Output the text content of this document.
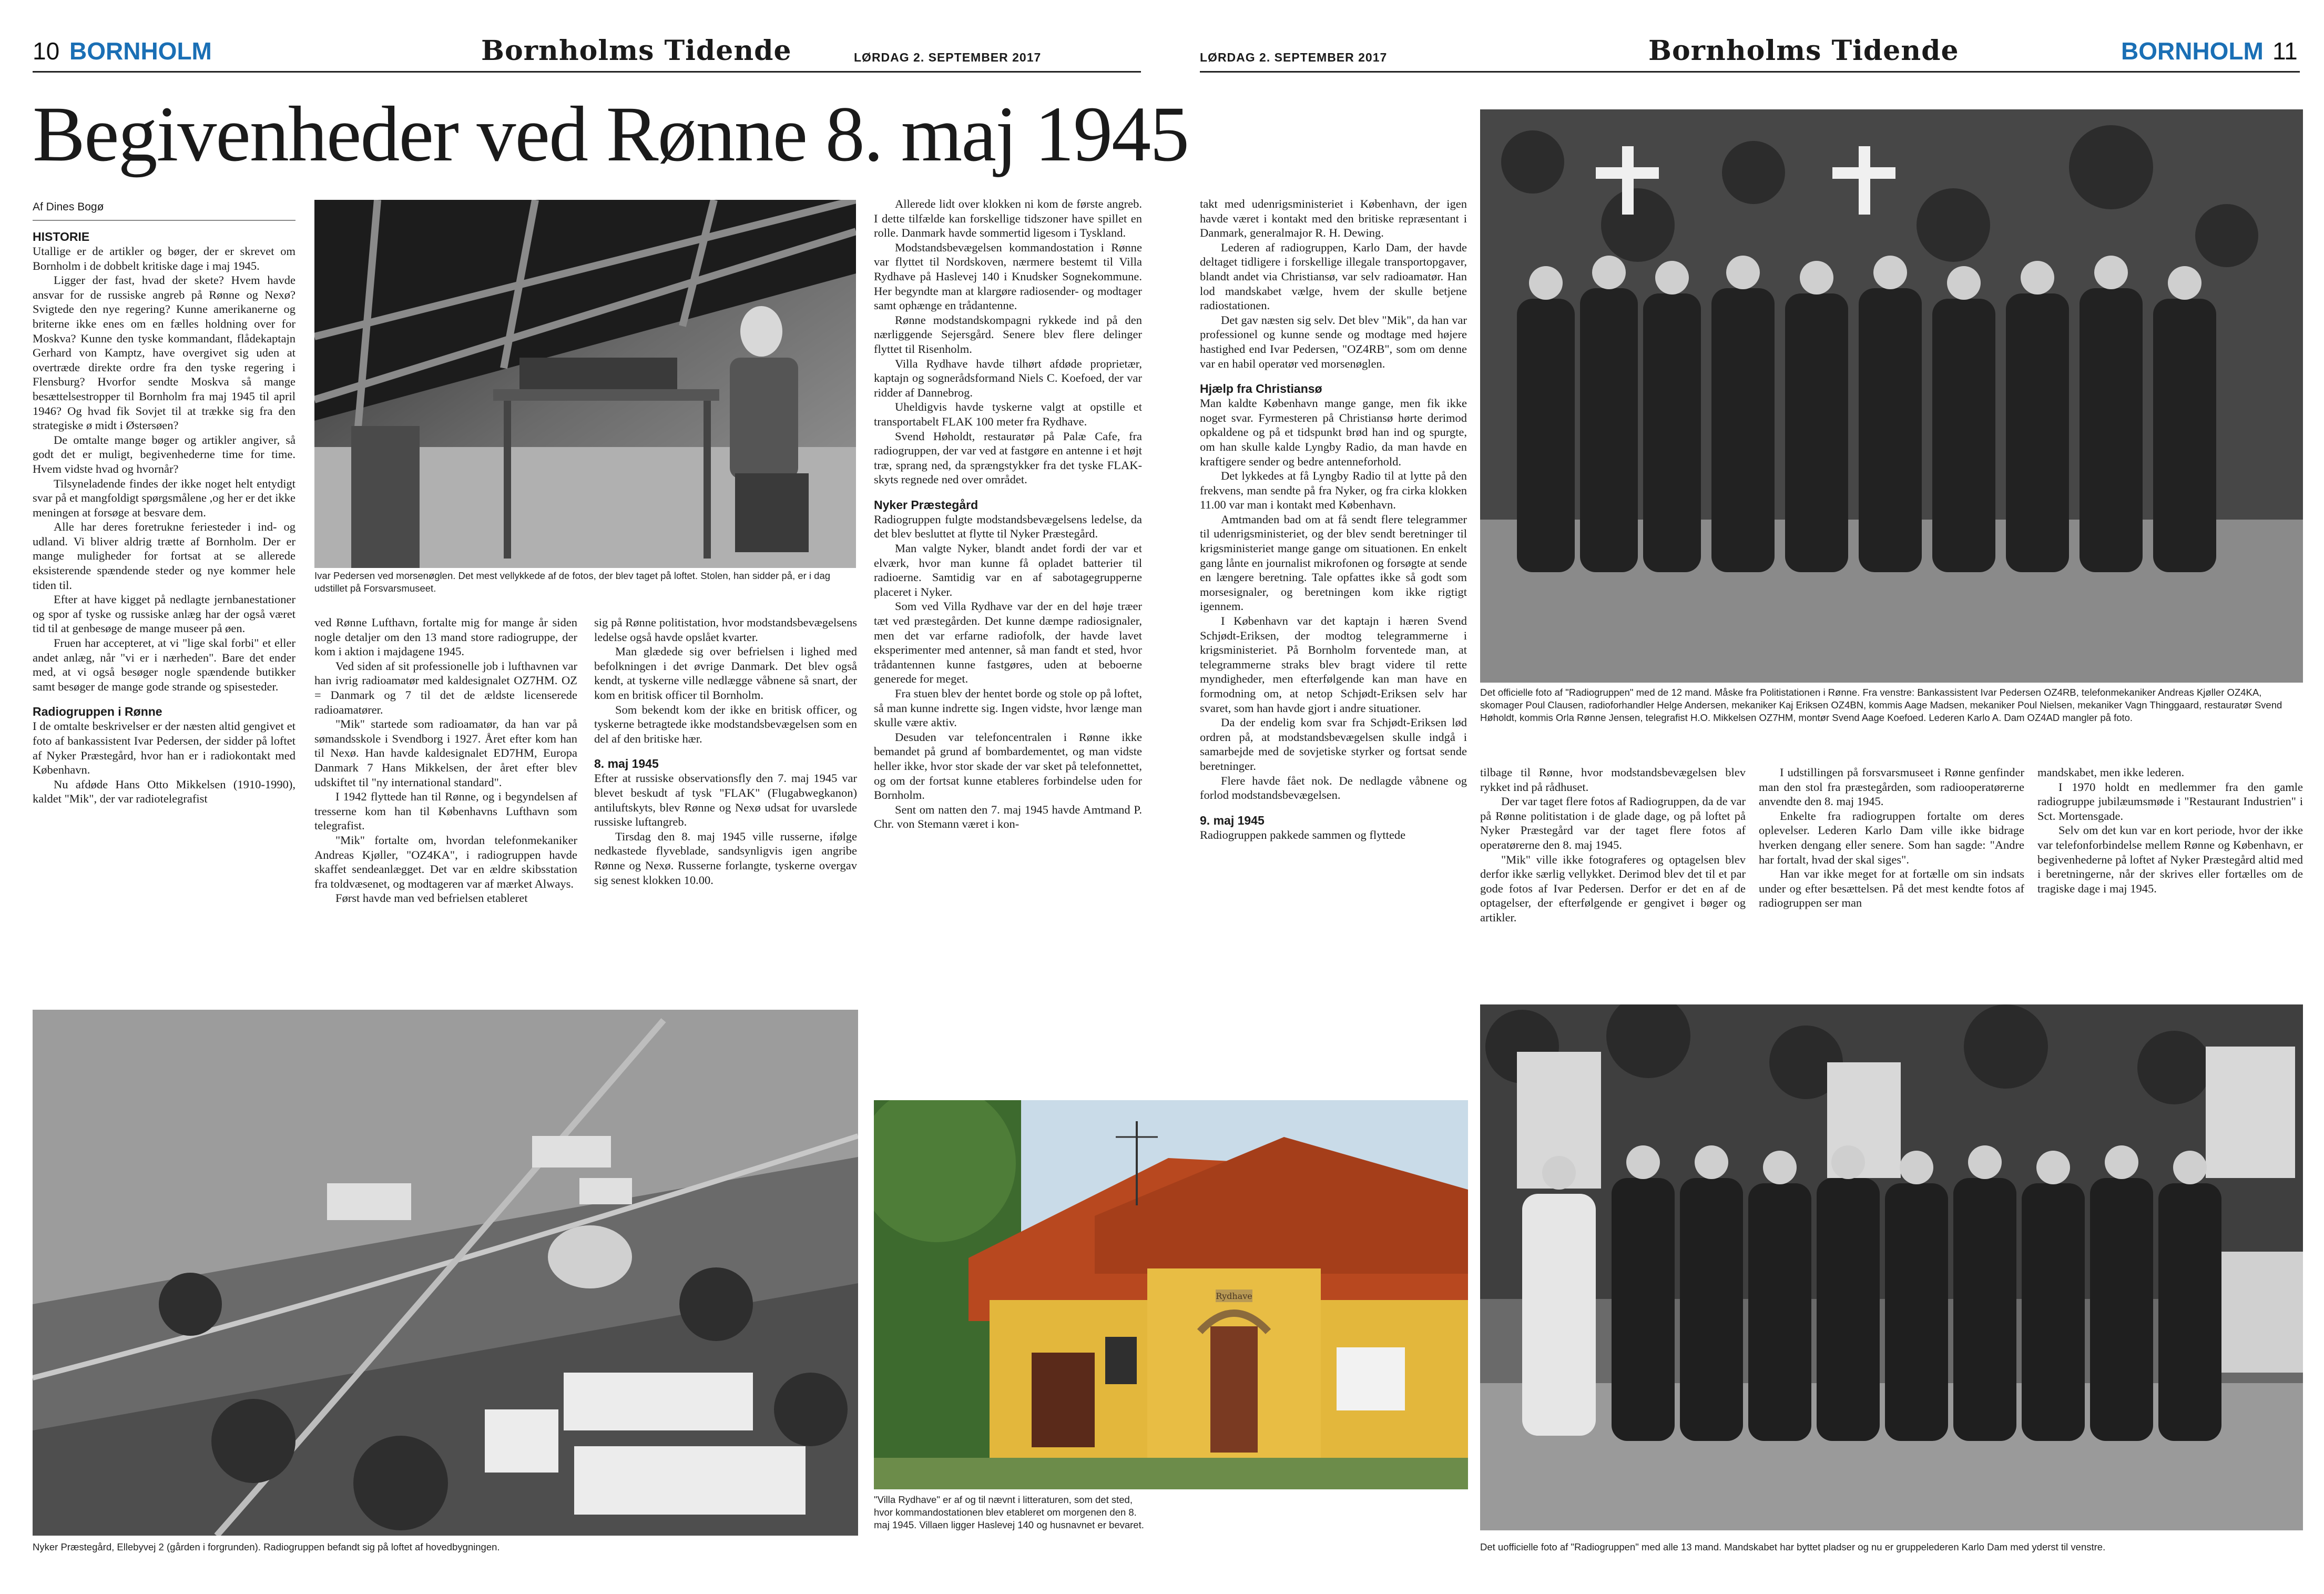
10 BORNHOLM	Bornholms Tidende	LØRDAG 2. SEPTEMBER 2017	LØRDAG 2. SEPTEMBER 2017	Bornholms Tidende	BORNHOLM 11
Begivenheder ved Rønne 8. maj 1945
Af Dines Bogø
HISTORIE

Utallige er de artikler og bøger, der er skrevet om Bornholm i de dobbelt kritiske dage i maj 1945.

Ligger der fast, hvad der skete? Hvem havde ansvar for de russiske angreb på Rønne og Nexø? Svigtede den nye regering? Kunne amerikanerne og briterne ikke enes om en fælles holdning over for Moskva? Kunne den tyske kommandant, flådekaptajn Gerhard von Kamptz, have overgivet sig uden at overtræde direkte ordre fra den tyske regering i Flensburg? Hvorfor sendte Moskva så mange besættelsestropper til Bornholm fra maj 1945 til april 1946? Og hvad fik Sovjet til at trække sig fra den strategiske ø midt i Østersøen?

De omtalte mange bøger og artikler angiver, så godt det er muligt, begivenhederne time for time. Hvem vidste hvad og hvornår?

Tilsyneladende findes der ikke noget helt entydigt svar på et mangfoldigt spørgsmålene ,og her er det ikke meningen at forsøge at besvare dem.

Alle har deres foretrukne feriesteder i ind- og udland. Vi bliver aldrig trætte af Bornholm. Der er mange muligheder for fortsat at se allerede eksisterende spændende steder og nye kommer hele tiden til.

Efter at have kigget på nedlagte jernbanestationer og spor af tyske og russiske anlæg har der også været tid til at genbesøge de mange museer på øen.

Fruen har accepteret, at vi "lige skal forbi" et eller andet anlæg, når "vi er i nærheden". Bare det ender med, at vi også besøger nogle spændende butikker samt besøger de mange gode strande og spisesteder.

Radiogruppen i Rønne

I de omtalte beskrivelser er der næsten altid gengivet et foto af bankassistent Ivar Pedersen, der sidder på loftet af Nyker Præstegård, hvor han er i radiokontakt med København.

Nu afdøde Hans Otto Mikkelsen (1910-1990), kaldet "Mik", der var radiotelegrafist

Ivar Pedersen ved morsenøglen. Det mest vellykkede af de fotos, der blev taget på loftet. Stolen, han sidder på, er i dag udstillet på Forsvarsmuseet.

ved Rønne Lufthavn, fortalte mig for mange år siden nogle detaljer om den 13 mand store radiogruppe, der kom i aktion i majdagene 1945.

Ved siden af sit professionelle job i lufthavnen var han ivrig radioamatør med kaldesignalet OZ7HM. OZ = Danmark og 7 til det de ældste licenserede radioamatører.

"Mik" startede som radioamatør, da han var på sømandsskole i Svendborg i 1927. Året efter kom han til Nexø. Han havde kaldesignalet ED7HM, Europa Danmark 7 Hans Mikkelsen, der året efter blev udskiftet til "ny international standard".

I 1942 flyttede han til Rønne, og i begyndelsen af tresserne kom han til Københavns Lufthavn som telegrafist.

"Mik" fortalte om, hvordan telefonmekaniker Andreas Kjøller, "OZ4KA", i radiogruppen havde skaffet sendeanlægget. Det var en ældre skibsstation fra toldvæsenet, og modtageren var af mærket Always.

Først havde man ved befrielsen etableret

sig på Rønne politistation, hvor modstandsbevægelsens ledelse også havde opslået kvarter.

Man glædede sig over befrielsen i lighed med befolkningen i det øvrige Danmark. Det blev også kendt, at tyskerne ville nedlægge våbnene så snart, der kom en britisk officer til Bornholm.

Som bekendt kom der ikke en britisk officer, og tyskerne betragtede ikke modstandsbevægelsen som en del af den britiske hær.

8. maj 1945

Efter at russiske observationsfly den 7. maj 1945 var blevet beskudt af tysk "FLAK" (Flugabwegkanon) antiluftskyts, blev Rønne og Nexø udsat for uvarslede russiske luftangreb.

Tirsdag den 8. maj 1945 ville russerne, ifølge nedkastede flyveblade, sandsynligvis igen angribe Rønne og Nexø. Russerne forlangte, tyskerne overgav sig senest klokken 10.00.

Allerede lidt over klokken ni kom de første angreb. I dette tilfælde kan forskellige tidszoner have spillet en rolle. Danmark havde sommertid ligesom i Tyskland.

Modstandsbevægelsen kommandostation i Rønne var flyttet til Nordskoven, nærmere bestemt til Villa Rydhave på Haslevej 140 i Knudsker Sognekommune. Her begyndte man at klargøre radiosender- og modtager samt ophænge en trådantenne.

Rønne modstandskompagni rykkede ind på den nærliggende Sejersgård. Senere blev flere delinger flyttet til Risenholm.

Villa Rydhave havde tilhørt afdøde proprietær, kaptajn og sognerådsformand Niels C. Koefoed, der var ridder af Dannebrog.

Uheldigvis havde tyskerne valgt at opstille et transportabelt FLAK 100 meter fra Rydhave.

Svend Høholdt, restauratør på Palæ Cafe, fra radiogruppen, der var ved at fastgøre en antenne i et højt træ, sprang ned, da sprængstykker fra det tyske FLAK-skyts regnede ned over området.

Nyker Præstegård

Radiogruppen fulgte modstandsbevægelsens ledelse, da det blev besluttet at flytte til Nyker Præstegård.

Man valgte Nyker, blandt andet fordi der var et elværk, hvor man kunne få opladet batterier til radioerne. Samtidig var en af sabotagegrupperne placeret i Nyker.

Som ved Villa Rydhave var der en del høje træer tæt ved præstegården. Det kunne dæmpe radiosignaler, men det var erfarne radiofolk, der havde lavet eksperimenter med antenner, så man fandt et sted, hvor trådantennen kunne fastgøres, uden at beboerne generede for meget.

Fra stuen blev der hentet borde og stole op på loftet, så man kunne indrette sig. Ingen vidste, hvor længe man skulle være aktiv.

Desuden var telefoncentralen i Rønne ikke bemandet på grund af bombardementet, og man vidste heller ikke, hvor stor skade der var sket på telefonnettet, og om der fortsat kunne etableres forbindelse uden for Bornholm.

Sent om natten den 7. maj 1945 havde Amtmand P. Chr. von Stemann været i kon-

Nyker Præstegård, Ellebyvej 2 (gården i forgrunden). Radiogruppen befandt sig på loftet af hovedbygningen.
Rydhave
"Villa Rydhave" er af og til nævnt i litteraturen, som det sted, hvor kommandostationen blev etableret om morgenen den 8. maj 1945. Villaen ligger Haslevej 140 og husnavnet er bevaret.
Det officielle foto af "Radiogruppen" med de 12 mand. Måske fra Politistationen i Rønne. Fra venstre: Bankassistent Ivar Pedersen OZ4RB, telefonmekaniker Andreas Kjøller OZ4KA, skomager Poul Clausen, radioforhandler Helge Andersen, mekaniker Kaj Eriksen OZ4BN, kommis Aage Madsen, mekaniker Poul Nielsen, mekaniker Vagn Thinggaard, restauratør Svend Høholdt, kommis Orla Rønne Jensen, telegrafist H.O. Mikkelsen OZ7HM, montør Svend Aage Koefoed. Lederen Karlo A. Dam OZ4AD mangler på foto.

takt med udenrigsministeriet i København, der igen havde været i kontakt med den britiske repræsentant i Danmark, generalmajor R. H. Dewing.

Lederen af radiogruppen, Karlo Dam, der havde deltaget tidligere i forskellige illegale transportopgaver, blandt andet via Christiansø, var selv radioamatør. Han lod mandskabet vælge, hvem der skulle betjene radiostationen.

Det gav næsten sig selv. Det blev "Mik", da han var professionel og kunne sende og modtage med højere hastighed end Ivar Pedersen, "OZ4RB", som om denne var en habil operatør ved morsenøglen.

Hjælp fra Christiansø

Man kaldte København mange gange, men fik ikke noget svar. Fyrmesteren på Christiansø hørte derimod opkaldene og på et tidspunkt brød han ind og spurgte, om han skulle kalde Lyngby Radio, da man havde en kraftigere sender og bedre antenneforhold.

Det lykkedes at få Lyngby Radio til at lytte på den frekvens, man sendte på fra Nyker, og fra cirka klokken 11.00 var man i kontakt med København.

Amtmanden bad om at få sendt flere telegrammer til udenrigsministeriet, og der blev sendt beretninger til krigsministeriet mange gange om situationen. En enkelt gang lånte en journalist mikrofonen og forsøgte at sende en længere beretning. Tale opfattes ikke så godt som morsesignaler, og beretningen kom ikke rigtigt igennem.

I København var det kaptajn i hæren Svend Schjødt-Eriksen, der modtog telegrammerne i krigsministeriet. På Bornholm forventede man, at telegrammerne straks blev bragt videre til rette myndigheder, men efterfølgende kan man have en formodning om, at netop Schjødt-Eriksen selv har svaret, som han havde gjort i andre situationer.

Da der endelig kom svar fra Schjødt-Eriksen lød ordren på, at modstandsbevægelsen skulle indgå i samarbejde med de sovjetiske styrker og fortsat sende beretninger.

Flere havde fået nok. De nedlagde våbnene og forlod modstandsbevægelsen.

9. maj 1945

Radiogruppen pakkede sammen og flyttede

tilbage til Rønne, hvor modstandsbevægelsen blev rykket ind på rådhuset.

Der var taget flere fotos af Radiogruppen, da de var på Rønne politistation i de glade dage, og på loftet på Nyker Præstegård var der taget flere fotos af operatørerne den 8. maj 1945.

"Mik" ville ikke fotograferes og optagelsen blev derfor ikke særlig vellykket. Derimod blev det til et par gode fotos af Ivar Pedersen. Derfor er det en af de optagelser, der efterfølgende er gengivet i bøger og artikler.

I udstillingen på forsvarsmuseet i Rønne genfinder man den stol fra præstegården, som radiooperatørerne anvendte den 8. maj 1945.

Enkelte fra radiogruppen fortalte om deres oplevelser. Lederen Karlo Dam ville ikke bidrage hverken dengang eller senere. Som han sagde: "Andre har fortalt, hvad der skal siges".

Han var ikke meget for at fortælle om sin indsats under og efter besættelsen. På det mest kendte fotos af radiogruppen ser man

mandskabet, men ikke lederen.

I 1970 holdt en medlemmer fra den gamle radiogruppe jubilæumsmøde i "Restaurant Industrien" i Sct. Mortensgade.

Selv om det kun var en kort periode, hvor der ikke var telefonforbindelse mellem Rønne og København, er begivenhederne på loftet af Nyker Præstegård altid med i beretningerne, når der skrives eller fortælles om de tragiske dage i maj 1945.

Det uofficielle foto af "Radiogruppen" med alle 13 mand. Mandskabet har byttet pladser og nu er gruppelederen Karlo Dam med yderst til venstre.
